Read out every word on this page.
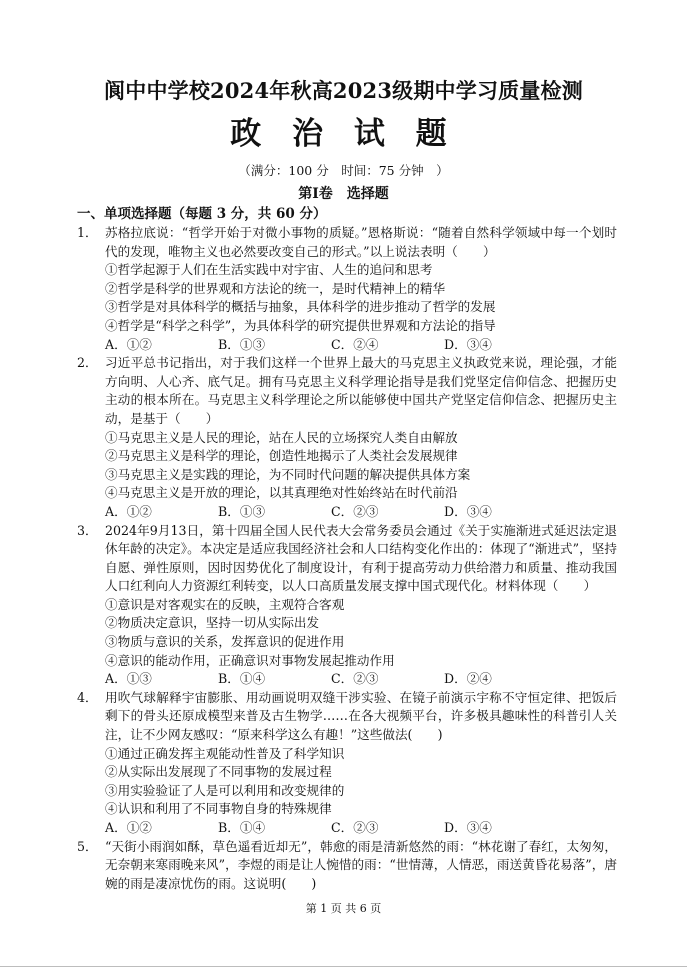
阆中中学校2024年秋高2023级期中学习质量检测
政 治 试 题
（满分：100 分　时间：75 分钟　）
第Ⅰ卷　选择题
一、单项选择题（每题 3 分，共 60 分）
1． 苏格拉底说：“哲学开始于对微小事物的质疑。”恩格斯说：“随着自然科学领域中每一个划时代的发现，唯物主义也必然要改变自己的形式。”以上说法表明（　　）
①哲学起源于人们在生活实践中对宇宙、人生的追问和思考
②哲学是科学的世界观和方法论的统一，是时代精神上的精华
③哲学是对具体科学的概括与抽象，具体科学的进步推动了哲学的发展
④哲学是“科学之科学”，为具体科学的研究提供世界观和方法论的指导
A．①②	B．①③	C．②④	D．③④
2． 习近平总书记指出，对于我们这样一个世界上最大的马克思主义执政党来说，理论强，才能方向明、人心齐、底气足。拥有马克思主义科学理论指导是我们党坚定信仰信念、把握历史主动的根本所在。马克思主义科学理论之所以能够使中国共产党坚定信仰信念、把握历史主动，是基于（　　）
①马克思主义是人民的理论，站在人民的立场探究人类自由解放
②马克思主义是科学的理论，创造性地揭示了人类社会发展规律
③马克思主义是实践的理论，为不同时代问题的解决提供具体方案
④马克思主义是开放的理论，以其真理绝对性始终站在时代前沿
A．①②	B．①③	C．②③	D．③④
3． 2024年9月13日，第十四届全国人民代表大会常务委员会通过《关于实施渐进式延迟法定退休年龄的决定》。本决定是适应我国经济社会和人口结构变化作出的：体现了“渐进式”，坚持自愿、弹性原则，因时因势优化了制度设计，有利于提高劳动力供给潜力和质量、推动我国人口红利向人力资源红利转变，以人口高质量发展支撑中国式现代化。材料体现（　　）
①意识是对客观实在的反映，主观符合客观
②物质决定意识，坚持一切从实际出发
③物质与意识的关系，发挥意识的促进作用
④意识的能动作用，正确意识对事物发展起推动作用
A．①③	B．①④	C．②③	D．②④
4． 用吹气球解释宇宙膨胀、用动画说明双缝干涉实验、在镜子前演示宇称不守恒定律、把饭后剩下的骨头还原成模型来普及古生物学……在各大视频平台，许多极具趣味性的科普引人关注，让不少网友感叹：“原来科学这么有趣！”这些做法(　　)
①通过正确发挥主观能动性普及了科学知识
②从实际出发展现了不同事物的发展过程
③用实验验证了人是可以利用和改变规律的
④认识和利用了不同事物自身的特殊规律
A．①②	B．①④	C．②③	D．③④
5． “天街小雨润如酥，草色遥看近却无”，韩愈的雨是清新悠然的雨：“林花谢了春红，太匆匆，无奈朝来寒雨晚来风”，李煜的雨是让人惋惜的雨：“世情薄，人情恶，雨送黄昏花易落”，唐婉的雨是凄凉忧伤的雨。这说明(　　)
第 1 页 共 6 页
